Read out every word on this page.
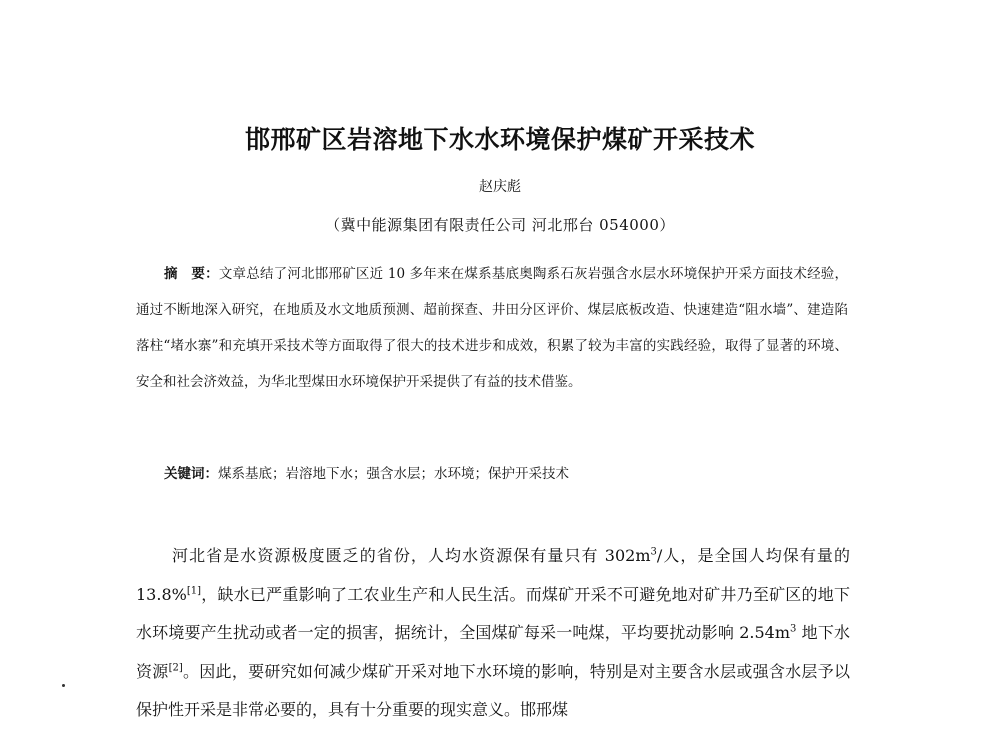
邯邢矿区岩溶地下水水环境保护煤矿开采技术

赵庆彪

（冀中能源集团有限责任公司 河北邢台 054000）

摘　要：文章总结了河北邯邢矿区近 10 多年来在煤系基底奥陶系石灰岩强含水层水环境保护开采方面技术经验，通过不断地深入研究，在地质及水文地质预测、超前探查、井田分区评价、煤层底板改造、快速建造“阻水墙”、建造陷落柱“堵水寨”和充填开采技术等方面取得了很大的技术进步和成效，积累了较为丰富的实践经验，取得了显著的环境、安全和社会济效益，为华北型煤田水环境保护开采提供了有益的技术借鉴。

关键词：煤系基底；岩溶地下水；强含水层；水环境；保护开采技术

河北省是水资源极度匮乏的省份，人均水资源保有量只有 $302m^3/$人，是全国人均保有量的 13.8%[1]，缺水已严重影响了工农业生产和人民生活。而煤矿开采不可避免地对矿井乃至矿区的地下水环境要产生扰动或者一定的损害，据统计，全国煤矿每采一吨煤，平均要扰动影响 $2.54m^3$ 地下水资源[2]。因此，要研究如何减少煤矿开采对地下水环境的影响，特别是对主要含水层或强含水层予以保护性开采是非常必要的，具有十分重要的现实意义。邯邢煤
